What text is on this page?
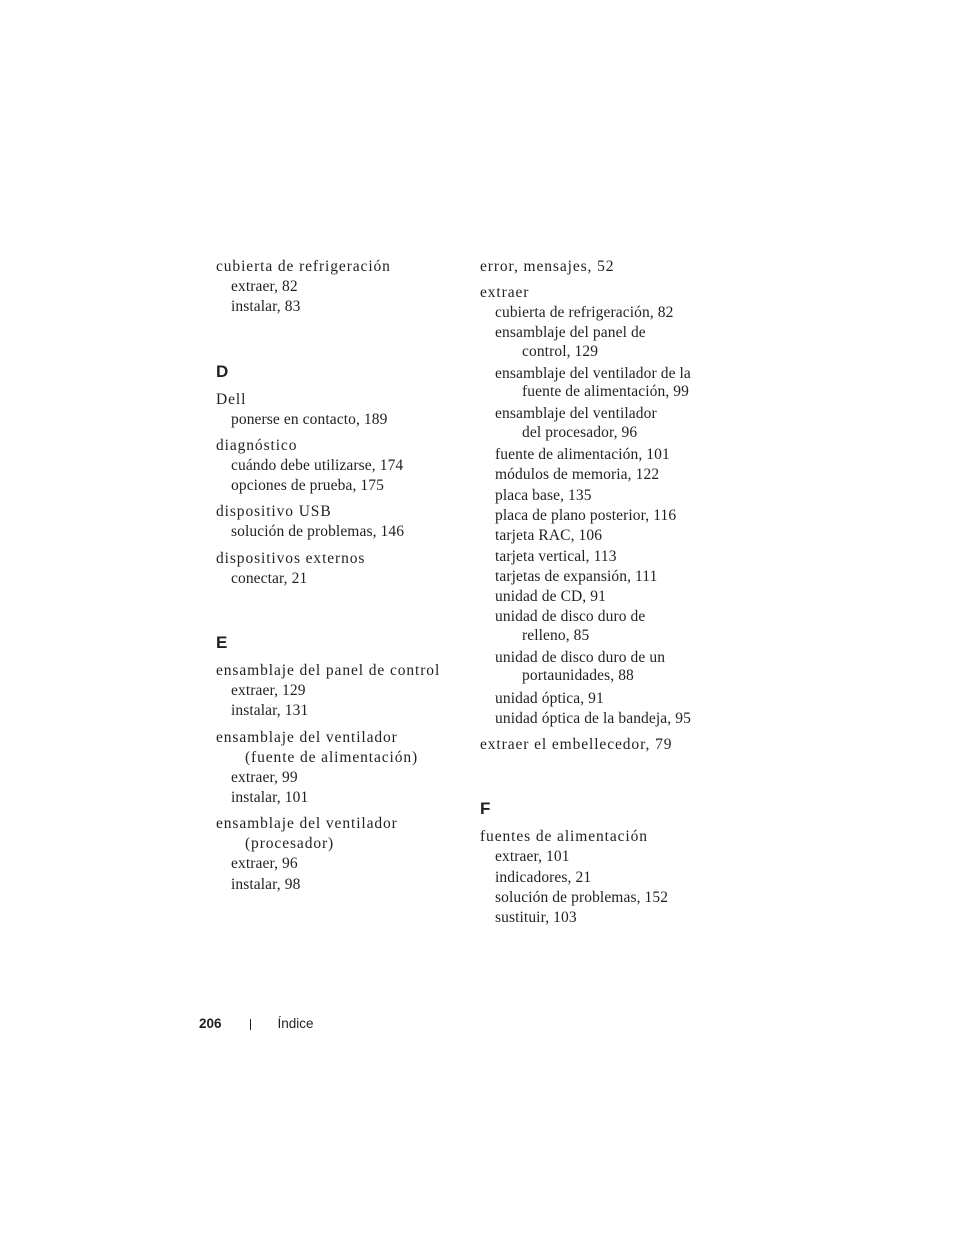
cubierta de refrigeración
extraer, 82
instalar, 83
D
Dell
ponerse en contacto, 189
diagnóstico
cuándo debe utilizarse, 174
opciones de prueba, 175
dispositivo USB
solución de problemas, 146
dispositivos externos
conectar, 21
E
ensamblaje del panel de control
extraer, 129
instalar, 131
ensamblaje del ventilador
(fuente de alimentación)
extraer, 99
instalar, 101
ensamblaje del ventilador
(procesador)
extraer, 96
instalar, 98
error, mensajes, 52
extraer
cubierta de refrigeración, 82
ensamblaje del panel de
control, 129
ensamblaje del ventilador de la
fuente de alimentación, 99
ensamblaje del ventilador
del procesador, 96
fuente de alimentación, 101
módulos de memoria, 122
placa base, 135
placa de plano posterior, 116
tarjeta RAC, 106
tarjeta vertical, 113
tarjetas de expansión, 111
unidad de CD, 91
unidad de disco duro de
relleno, 85
unidad de disco duro de un
portaunidades, 88
unidad óptica, 91
unidad óptica de la bandeja, 95
extraer el embellecedor, 79
F
fuentes de alimentación
extraer, 101
indicadores, 21
solución de problemas, 152
sustituir, 103
206	Índice
